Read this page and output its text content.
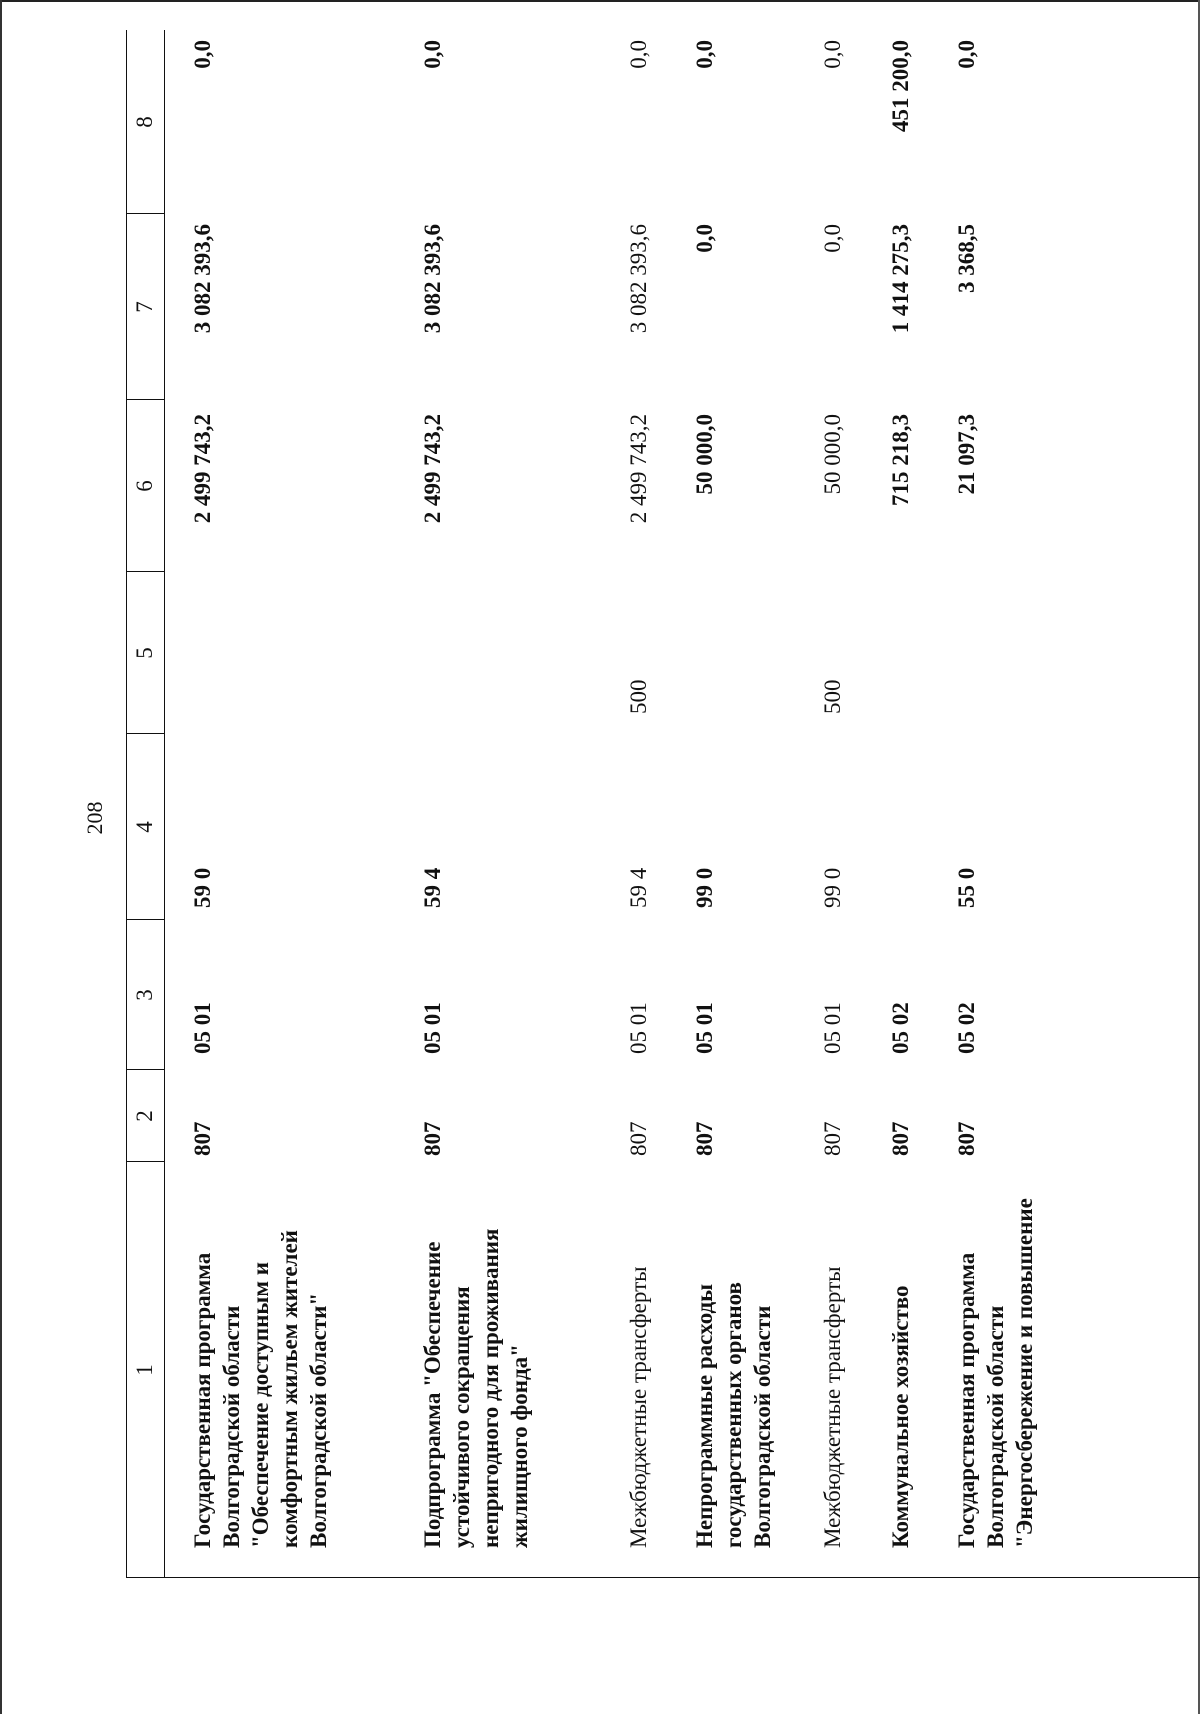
208
1
2
3
4
5
6
7
8
Государственная программа Волгоградской области "Обеспечение доступным и комфортным жильем жителей Волгоградской области"
807
05 01
59 0
2 499 743,2
3 082 393,6
0,0
Подпрограмма "Обеспечение устойчивого сокращения непригодного для проживания жилищного фонда"
807
05 01
59 4
2 499 743,2
3 082 393,6
0,0
Межбюджетные трансферты
807
05 01
59 4
500
2 499 743,2
3 082 393,6
0,0
Непрограммные расходы государственных органов Волгоградской области
807
05 01
99 0
50 000,0
0,0
0,0
Межбюджетные трансферты
807
05 01
99 0
500
50 000,0
0,0
0,0
Коммунальное хозяйство
807
05 02
715 218,3
1 414 275,3
451 200,0
Государственная программа Волгоградской области "Энергосбережение и повышение
807
05 02
55 0
21 097,3
3 368,5
0,0
